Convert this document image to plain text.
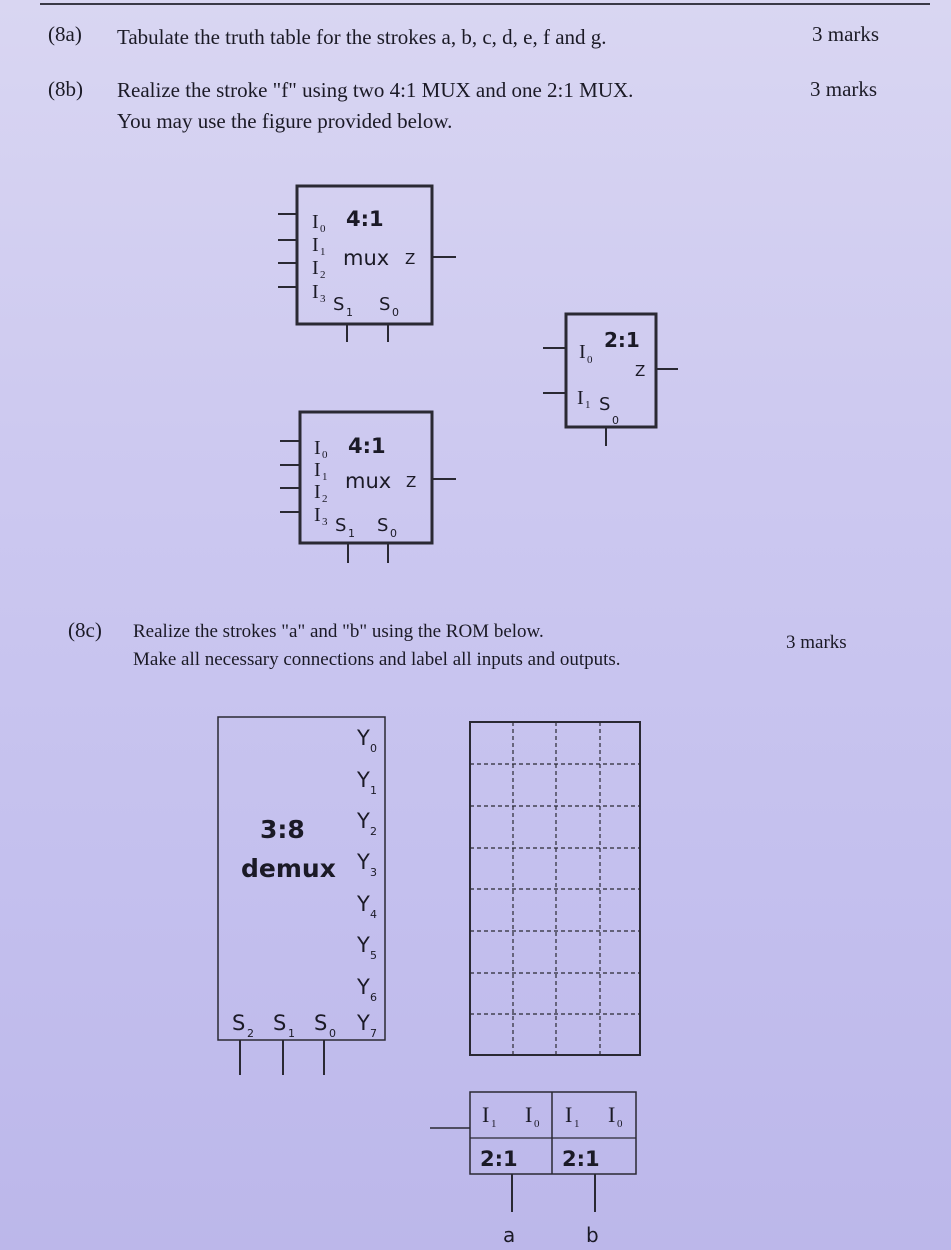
(8a) Tabulate the truth table for the strokes a, b, c, d, e, f and g.	3 marks
(8b) Realize the stroke "f" using two 4:1 MUX and one 2:1 MUX.
You may use the figure provided below.
3 marks
(8c) Realize the strokes "a" and "b" using the ROM below.
Make all necessary connections and label all inputs and outputs.
3 marks
4:1
mux Z
I 0
I 1
I 2
I 3 S 1 S 0
4:1
mux Z
I 0
I 1
I 2
I 3 S 1 S 0
2:1
Z
I 0
I 1 S
0
3:8
demux
Y 0
Y 1
Y 2
Y 3
Y 4
Y 5
Y 6
Y 7
S 2 S 1 S 0
I 1 I 0
2:1
I 1 I 0
2:1
a	b
